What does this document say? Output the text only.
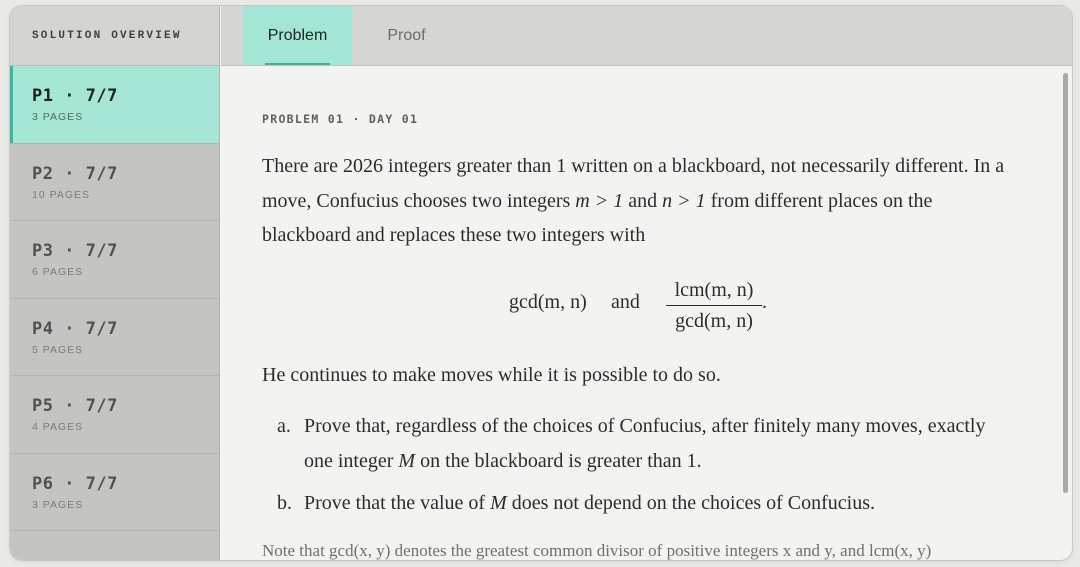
SOLUTION OVERVIEW
P1 · 7/7
3 PAGES
P2 · 7/7
10 PAGES
P3 · 7/7
6 PAGES
P4 · 7/7
5 PAGES
P5 · 7/7
4 PAGES
P6 · 7/7
3 PAGES
Problem	Proof
PROBLEM 01 · DAY 01

There are 2026 integers greater than 1 written on a blackboard, not necessarily different. In a move, Confucius chooses two integers m > 1 and n > 1 from different places on the blackboard and replaces these two integers with

gcd(m, n) and
lcm(m, n)
gcd(m, n)
.

He continues to make moves while it is possible to do so.

a. Prove that, regardless of the choices of Confucius, after finitely many moves, exactly one integer M on the blackboard is greater than 1.
b. Prove that the value of M does not depend on the choices of Confucius.
Note that gcd(x, y) denotes the greatest common divisor of positive integers x and y, and lcm(x, y)
